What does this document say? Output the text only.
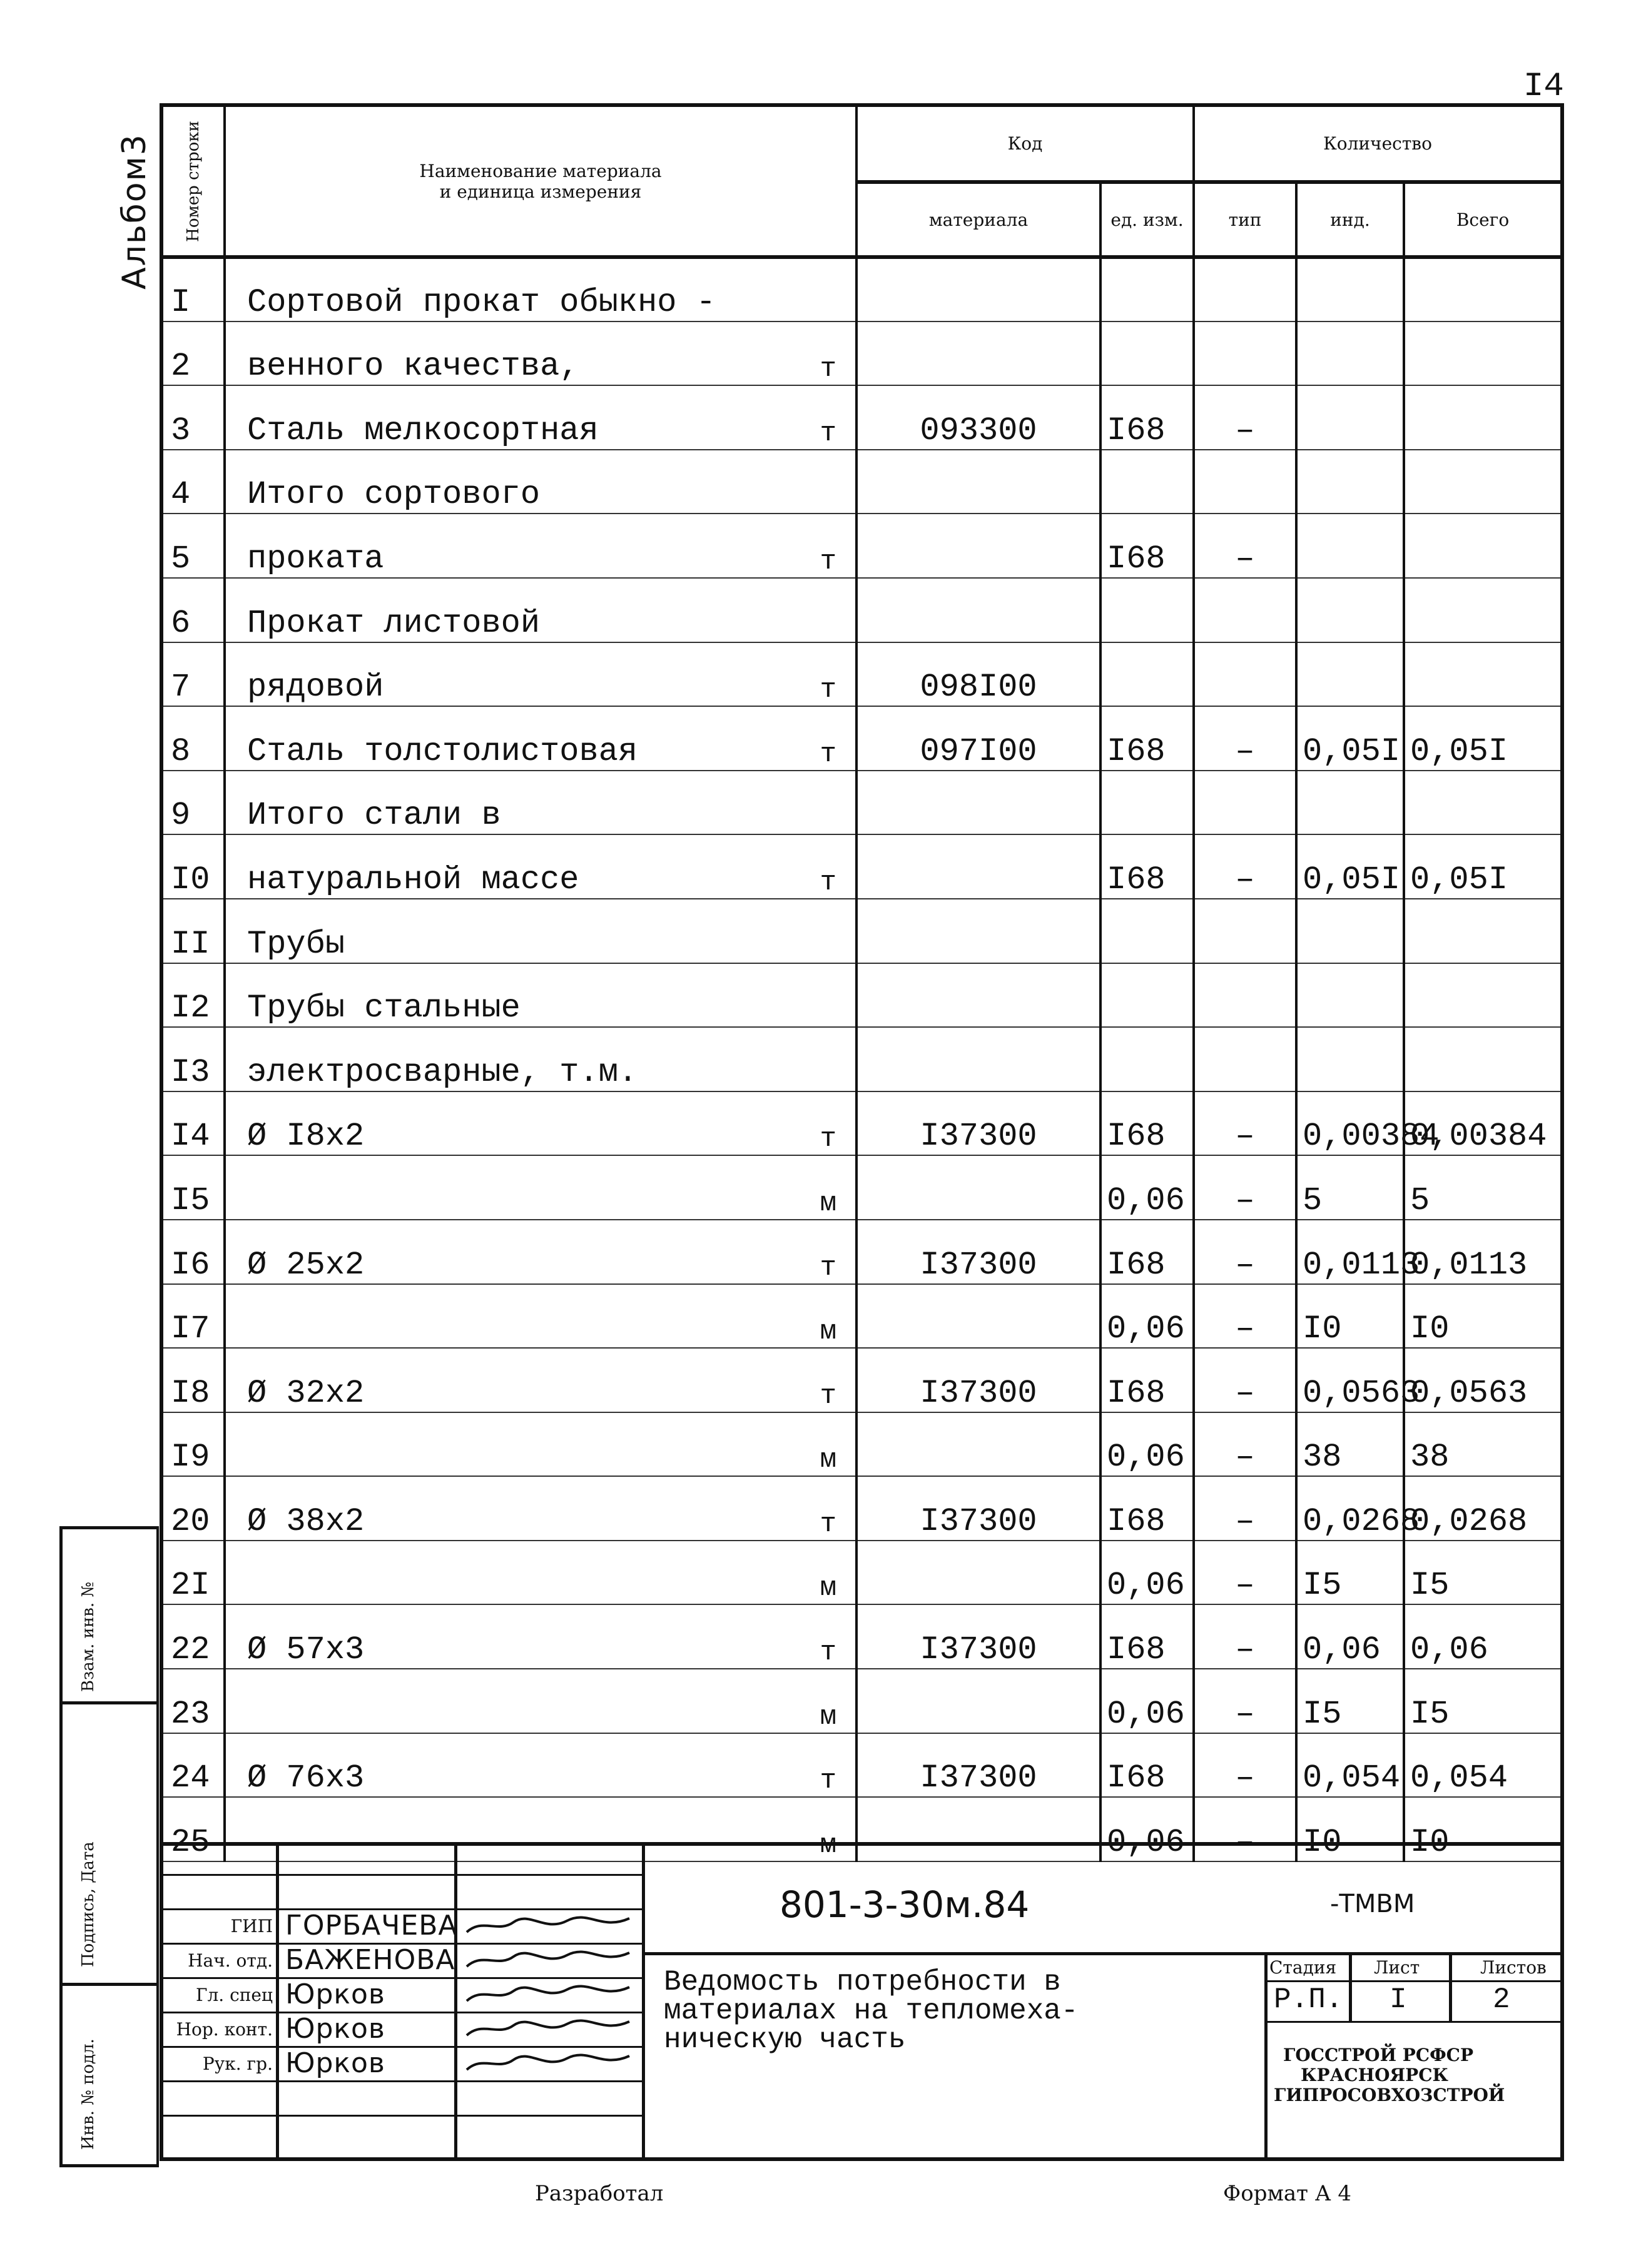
I4
Альбом3 Номер строки	Наименование материала
и единица измерения	Код		Количество		
		материала	ед. изм.	тип	инд.	Всего
I	Сортовой прокат обыкно -

2	венного качества, т					

3	Сталь мелкосортная т	093300	I68	–		
4	Итого сортового

5	проката т		I68	–		
6	Прокат листовой

7	рядовой т	098I00				
8	Сталь толстолистовая т	097I00	I68	–	0,05I	0,05I
9	Итого стали в

I0	натуральной массе т		I68	–	0,05I	0,05I
II	Трубы

I2	Трубы стальные

I3	электросварные, т.м.

I4	Ø I8x2 т	I37300	I68	–	0,00384	0,00384
I5	м		0,06	–	5	5
I6	Ø 25x2 т	I37300	I68	–	0,0113	0,0113
I7	м		0,06	–	I0	I0
I8	Ø 32x2 т	I37300	I68	–	0,0563	0,0563
I9	м		0,06	–	38	38
20	Ø 38x2 т	I37300	I68	–	0,0268	0,0268
2I	м		0,06	–	I5	I5
22	Ø 57x3 т	I37300	I68	–	0,06	0,06
23	м		0,06	–	I5	I5
24	Ø 76x3 т	I37300	I68	–	0,054	0,054
25	м		0,06	–	I0	I0
ГИП ГОРБАЧЕВА
Нач. отд. БАЖЕНОВА
Гл. спец Юрков
Нор. конт. Юрков
Рук. гр. Юрков
801-3-30м.84	-ТМВМ
Ведомость потребности в
материалах на тепломеха-
ническую часть
Стадия Лист	Листов
Р.П. I	2
ГОССТРОЙ РСФСР
КРАСНОЯРСК
ГИПРОСОВХОЗСТРОЙ
Взам. инв. №
Подпись, Дата
Инв. № подл.
Разработал	Формат А 4
